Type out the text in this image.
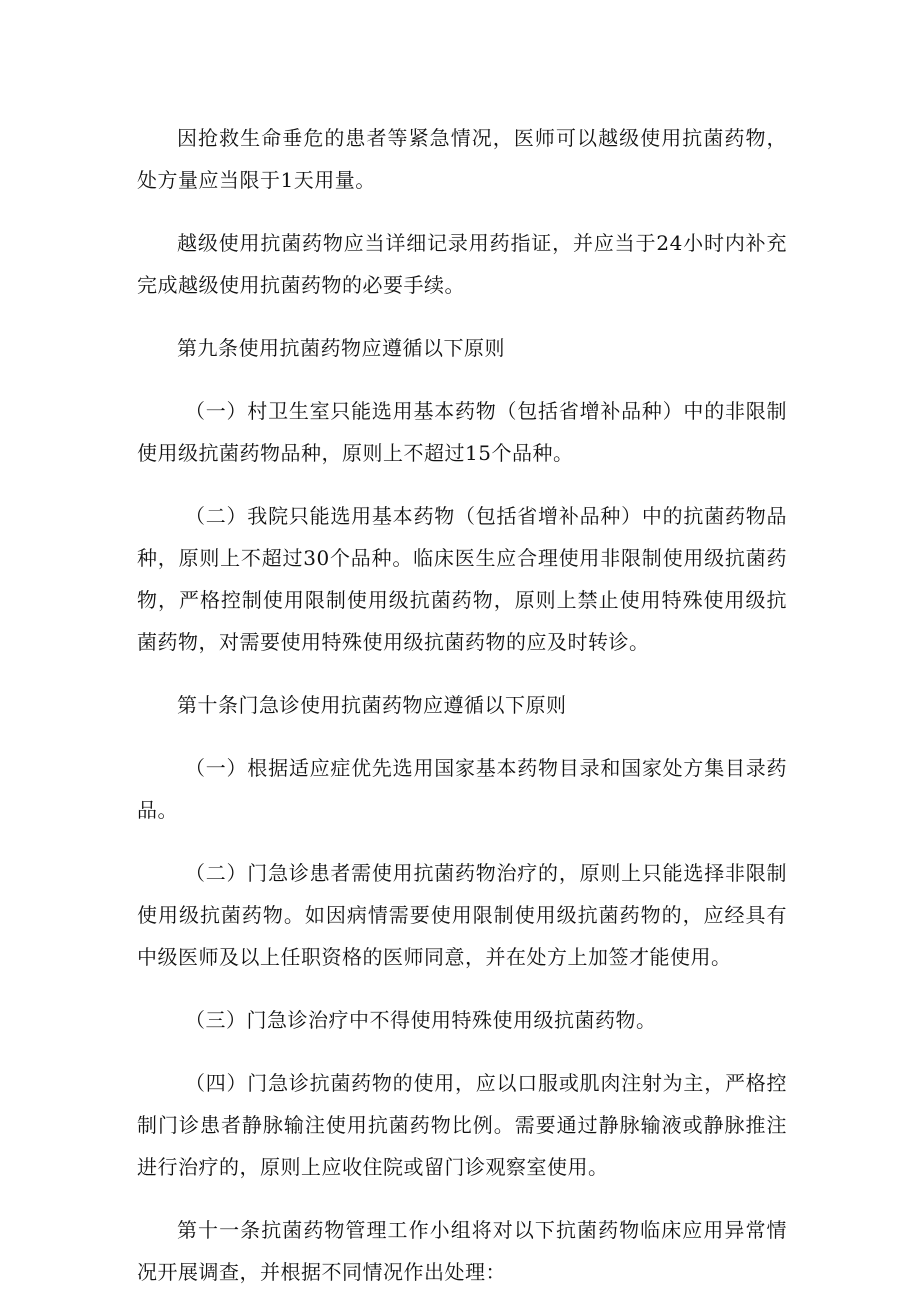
因抢救生命垂危的患者等紧急情况，医师可以越级使用抗菌药物，处方量应当限于1天用量。

越级使用抗菌药物应当详细记录用药指证，并应当于24小时内补充完成越级使用抗菌药物的必要手续。

第九条使用抗菌药物应遵循以下原则

（一）村卫生室只能选用基本药物（包括省增补品种）中的非限制使用级抗菌药物品种，原则上不超过15个品种。

（二）我院只能选用基本药物（包括省增补品种）中的抗菌药物品种，原则上不超过30个品种。临床医生应合理使用非限制使用级抗菌药物，严格控制使用限制使用级抗菌药物，原则上禁止使用特殊使用级抗菌药物，对需要使用特殊使用级抗菌药物的应及时转诊。

第十条门急诊使用抗菌药物应遵循以下原则

（一）根据适应症优先选用国家基本药物目录和国家处方集目录药品。

（二）门急诊患者需使用抗菌药物治疗的，原则上只能选择非限制使用级抗菌药物。如因病情需要使用限制使用级抗菌药物的，应经具有中级医师及以上任职资格的医师同意，并在处方上加签才能使用。

（三）门急诊治疗中不得使用特殊使用级抗菌药物。

（四）门急诊抗菌药物的使用，应以口服或肌肉注射为主，严格控制门诊患者静脉输注使用抗菌药物比例。需要通过静脉输液或静脉推注进行治疗的，原则上应收住院或留门诊观察室使用。

第十一条抗菌药物管理工作小组将对以下抗菌药物临床应用异常情况开展调查，并根据不同情况作出处理：
